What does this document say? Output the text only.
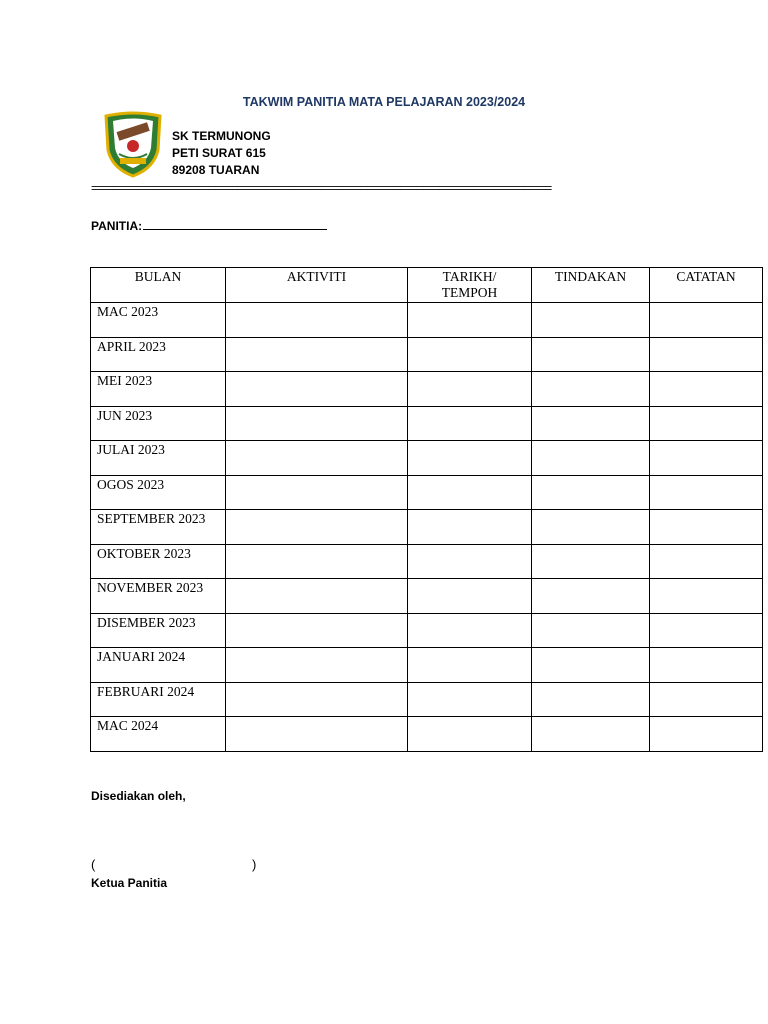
TAKWIM PANITIA MATA PELAJARAN 2023/2024
SK TERMUNONG
PETI SURAT 615
89208 TUARAN
==================================================================================
PANITIA:
BULAN	AKTIVITI	TARIKH/ TEMPOH	TINDAKAN	CATATAN
MAC 2023				
APRIL 2023				
MEI 2023				
JUN 2023				
JULAI 2023				
OGOS 2023				
SEPTEMBER 2023				
OKTOBER 2023				
NOVEMBER 2023				
DISEMBER 2023				
JANUARI 2024				
FEBRUARI 2024				
MAC 2024				
Disediakan oleh,
(	)
Ketua Panitia
